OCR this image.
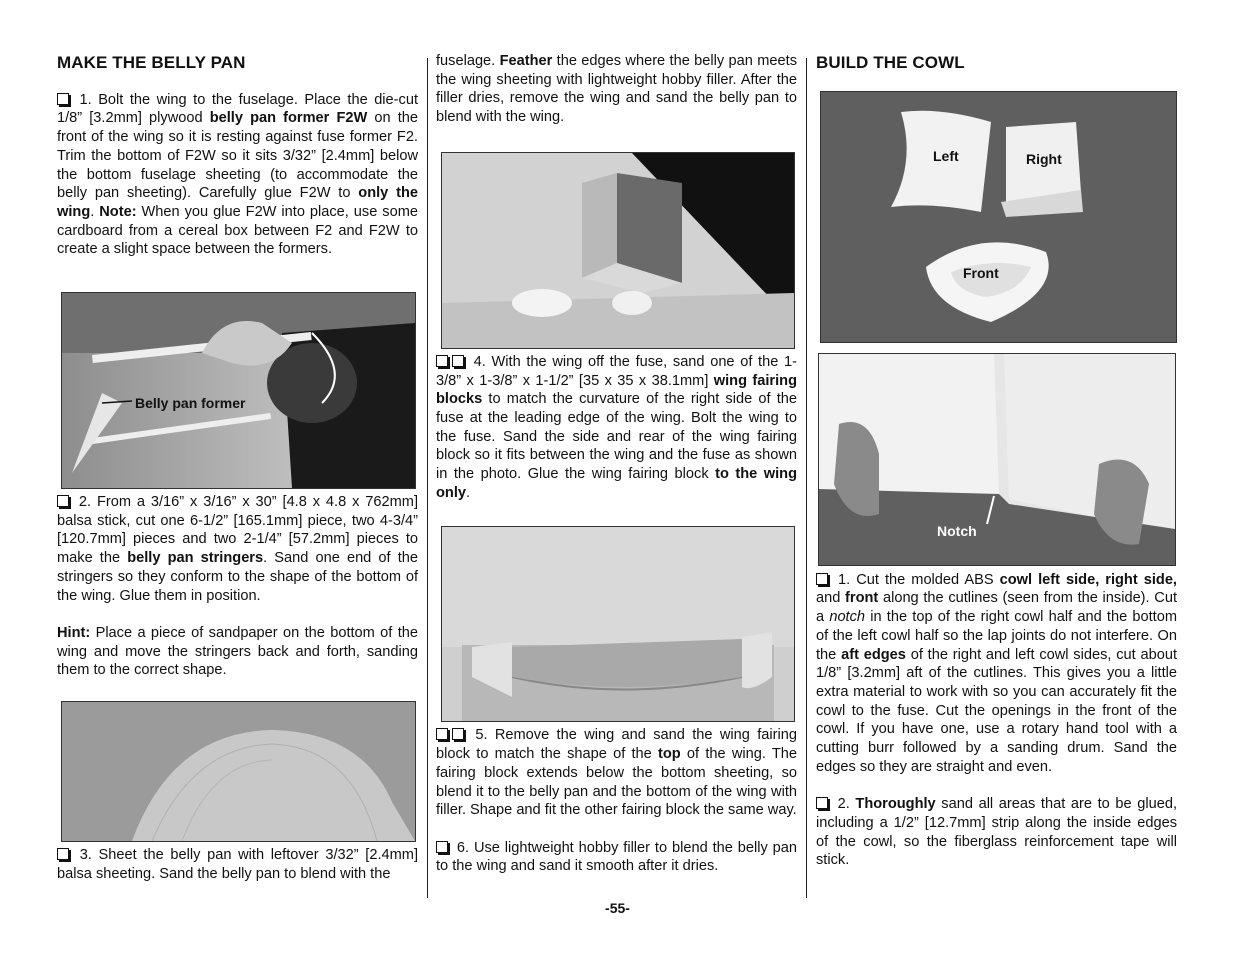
MAKE THE BELLY PAN

1. Bolt the wing to the fuselage. Place the die-cut 1/8” [3.2mm] plywood belly pan former F2W on the front of the wing so it is resting against fuse former F2. Trim the bottom of F2W so it sits 3/32” [2.4mm] below the bottom fuselage sheeting (to accommodate the belly pan sheeting). Carefully glue F2W to only the wing. Note: When you glue F2W into place, use some cardboard from a cereal box between F2 and F2W to create a slight space between the formers.

Belly pan former

2. From a 3/16” x 3/16” x 30” [4.8 x 4.8 x 762mm] balsa stick, cut one 6-1/2” [165.1mm] piece, two 4-3/4” [120.7mm] pieces and two 2-1/4” [57.2mm] pieces to make the belly pan stringers. Sand one end of the stringers so they conform to the shape of the bottom of the wing. Glue them in position.

Hint: Place a piece of sandpaper on the bottom of the wing and move the stringers back and forth, sanding them to the correct shape.

3. Sheet the belly pan with leftover 3/32” [2.4mm] balsa sheeting. Sand the belly pan to blend with the

fuselage. Feather the edges where the belly pan meets the wing sheeting with lightweight hobby filler. After the filler dries, remove the wing and sand the belly pan to blend with the wing.

4. With the wing off the fuse, sand one of the 1-3/8” x 1-3/8” x 1-1/2” [35 x 35 x 38.1mm] wing fairing blocks to match the curvature of the right side of the fuse at the leading edge of the wing. Bolt the wing to the fuse. Sand the side and rear of the wing fairing block so it fits between the wing and the fuse as shown in the photo. Glue the wing fairing block to the wing only.

5. Remove the wing and sand the wing fairing block to match the shape of the top of the wing. The fairing block extends below the bottom sheeting, so blend it to the belly pan and the bottom of the wing with filler. Shape and fit the other fairing block the same way.

6. Use lightweight hobby filler to blend the belly pan to the wing and sand it smooth after it dries.

BUILD THE COWL
Left	Right
Front
Notch

1. Cut the molded ABS cowl left side, right side, and front along the cutlines (seen from the inside). Cut a notch in the top of the right cowl half and the bottom of the left cowl half so the lap joints do not interfere. On the aft edges of the right and left cowl sides, cut about 1/8” [3.2mm] aft of the cutlines. This gives you a little extra material to work with so you can accurately fit the cowl to the fuse. Cut the openings in the front of the cowl. If you have one, use a rotary hand tool with a cutting burr followed by a sanding drum. Sand the edges so they are straight and even.

2. Thoroughly sand all areas that are to be glued, including a 1/2” [12.7mm] strip along the inside edges of the cowl, so the fiberglass reinforcement tape will stick.

-55-
